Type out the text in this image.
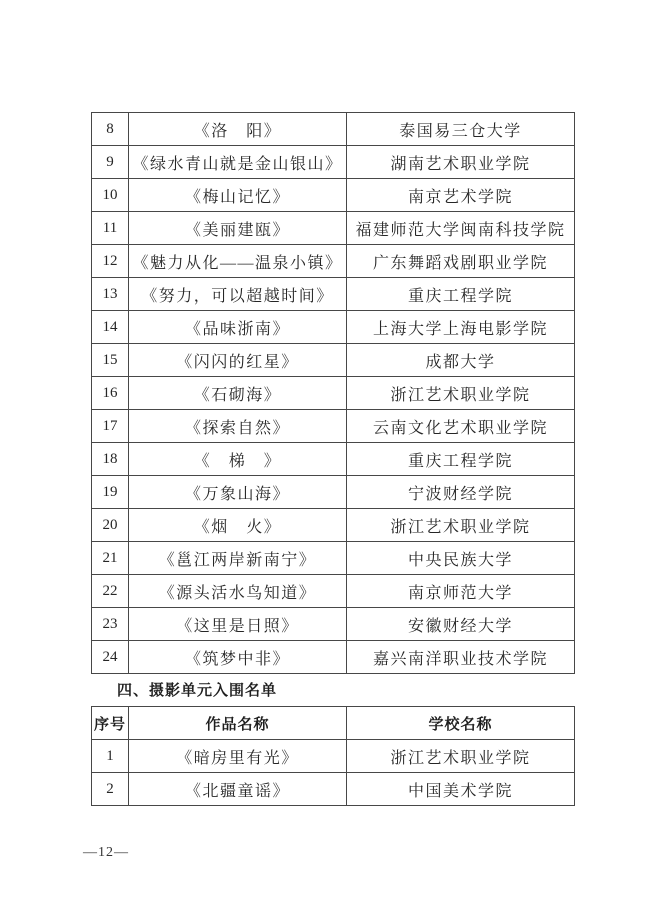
8	《洛　阳》	泰国易三仓大学
9	《绿水青山就是金山银山》	湖南艺术职业学院
10	《梅山记忆》	南京艺术学院
11	《美丽建瓯》	福建师范大学闽南科技学院
12	《魅力从化——温泉小镇》	广东舞蹈戏剧职业学院
13	《努力，可以超越时间》	重庆工程学院
14	《品味浙南》	上海大学上海电影学院
15	《闪闪的红星》	成都大学
16	《石砌海》	浙江艺术职业学院
17	《探索自然》	云南文化艺术职业学院
18	《　梯　》	重庆工程学院
19	《万象山海》	宁波财经学院
20	《烟　火》	浙江艺术职业学院
21	《邕江两岸新南宁》	中央民族大学
22	《源头活水鸟知道》	南京师范大学
23	《这里是日照》	安徽财经大学
24	《筑梦中非》	嘉兴南洋职业技术学院
四、摄影单元入围名单
序号	作品名称	学校名称
1	《暗房里有光》	浙江艺术职业学院
2	《北疆童谣》	中国美术学院
—12—
